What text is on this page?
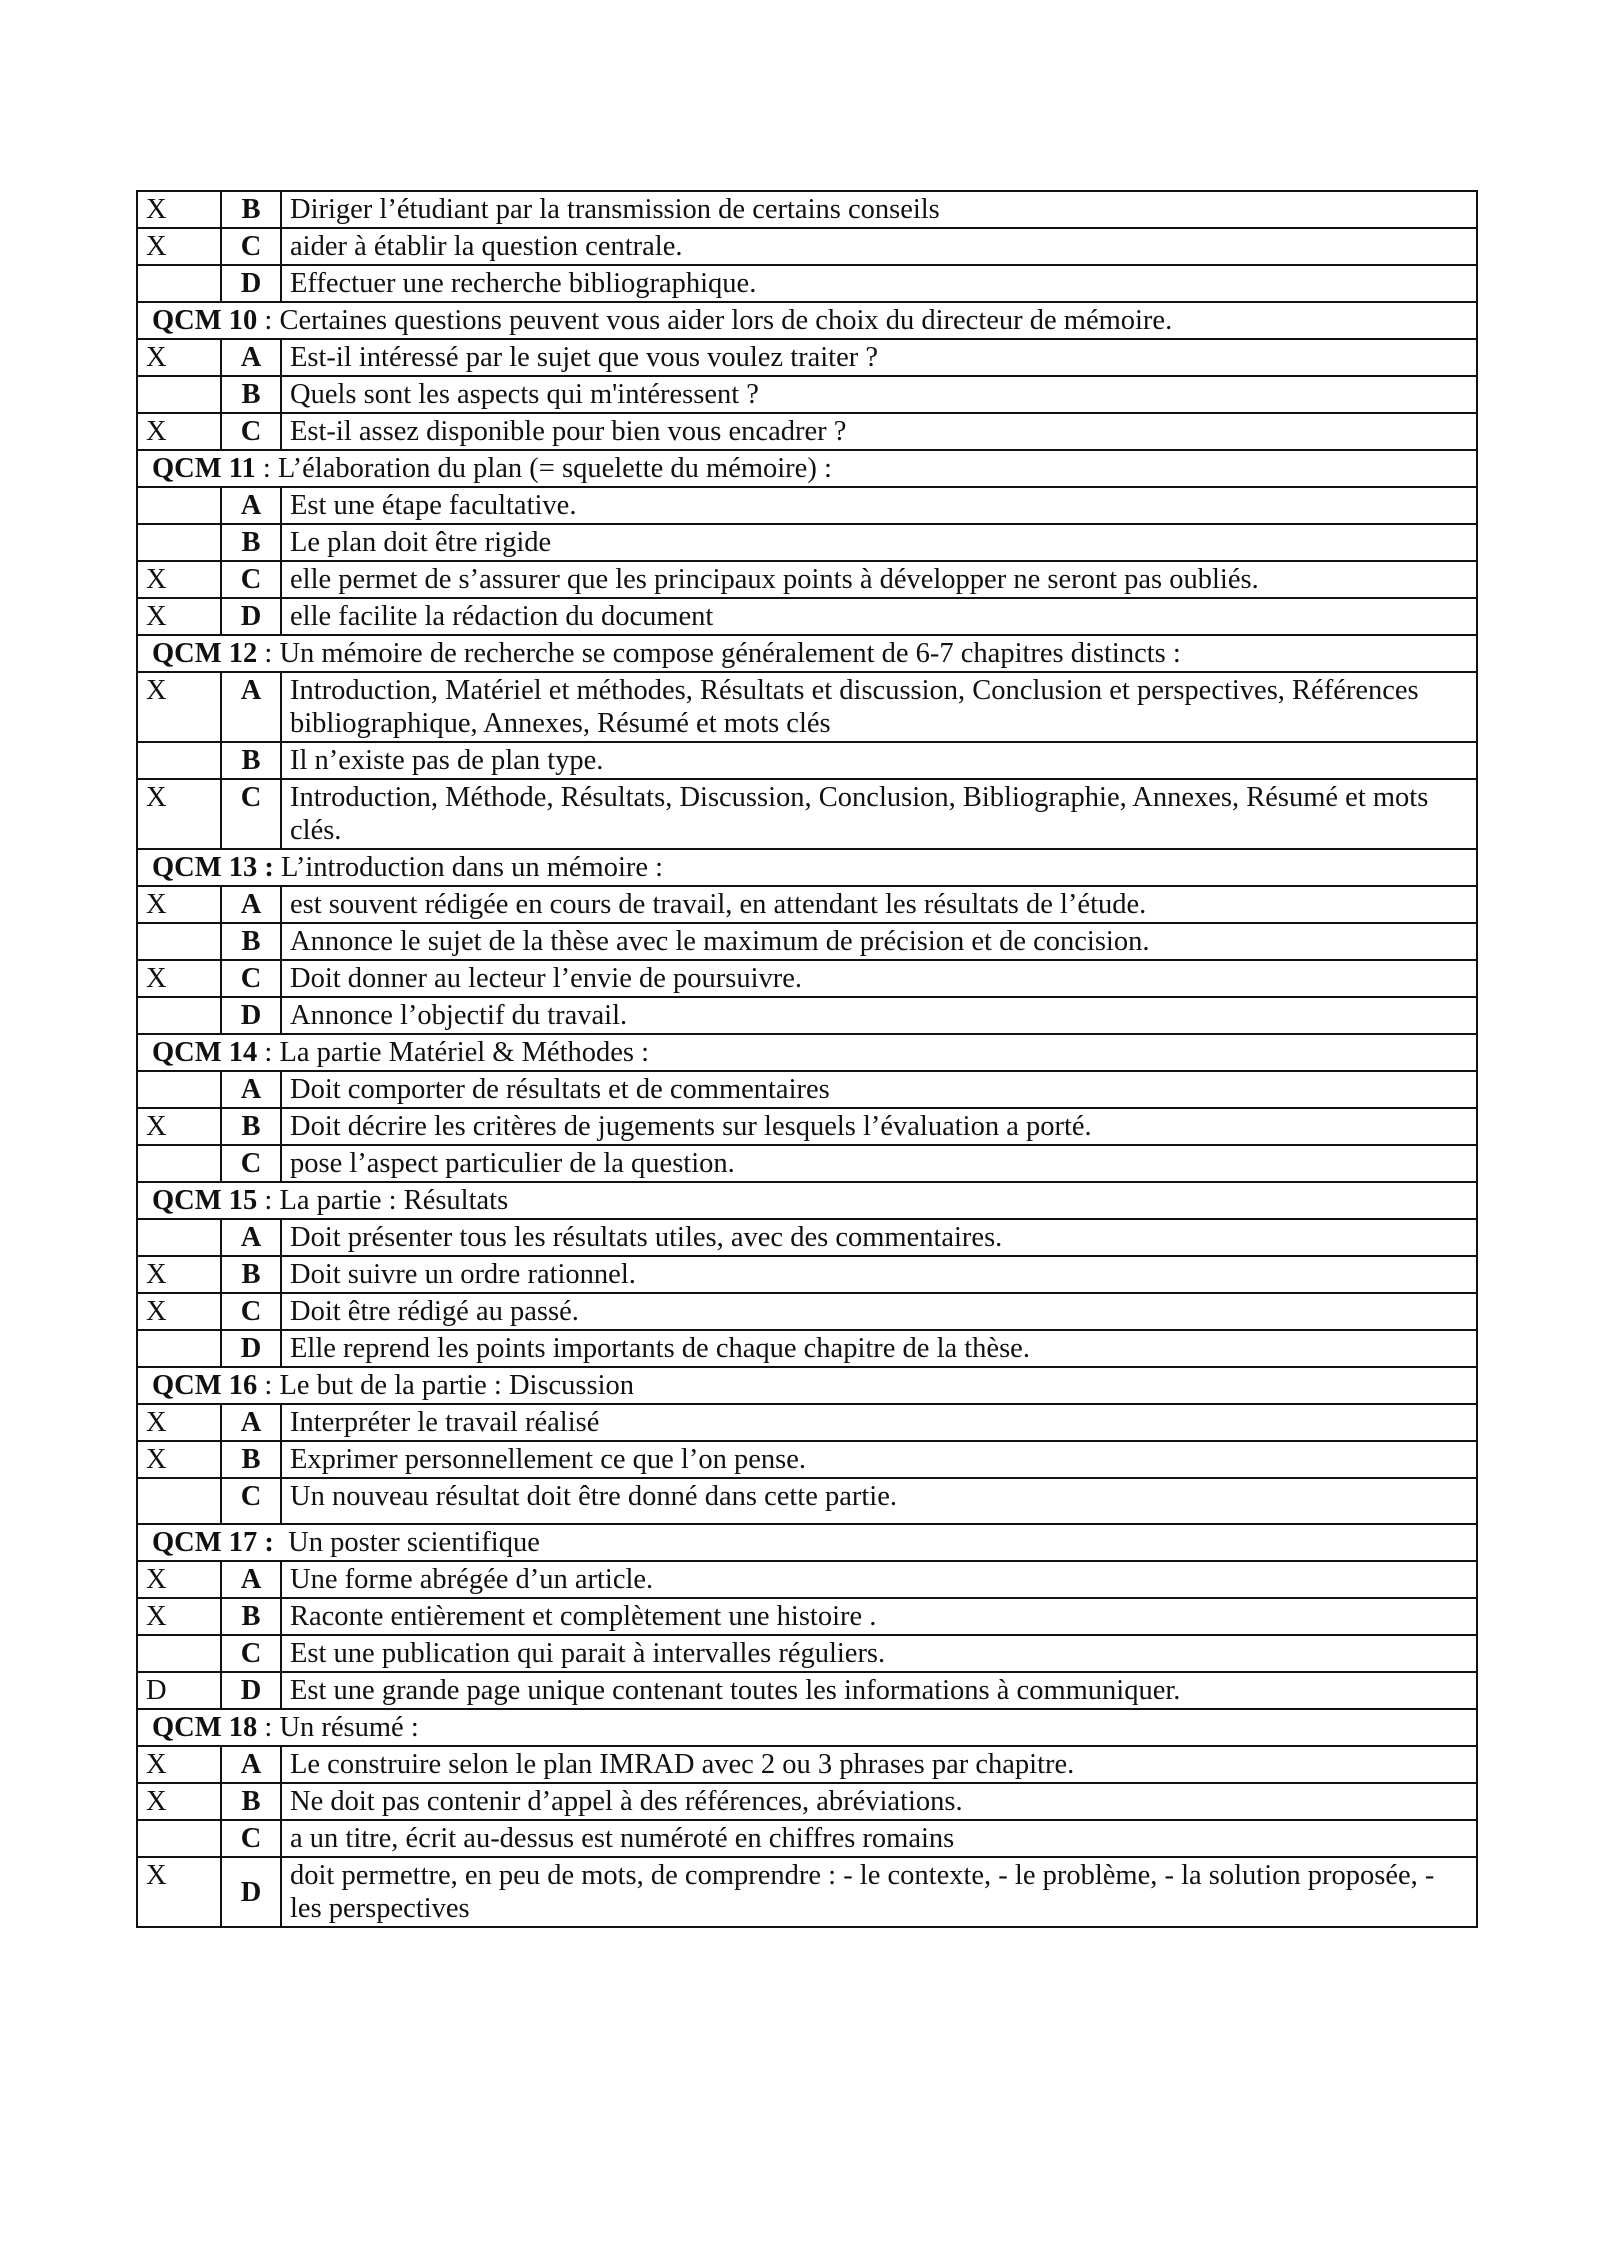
X	B	Diriger l’étudiant par la transmission de certains conseils
X	C	aider à établir la question centrale.
	D	Effectuer une recherche bibliographique.
QCM 10 : Certaines questions peuvent vous aider lors de choix du directeur de mémoire.		
X	A	Est-il intéressé par le sujet que vous voulez traiter ?
	B	Quels sont les aspects qui m'intéressent ?
X	C	Est-il assez disponible pour bien vous encadrer ?
QCM 11 : L’élaboration du plan (= squelette du mémoire) :		
	A	Est une étape facultative.
	B	Le plan doit être rigide
X	C	elle permet de s’assurer que les principaux points à développer ne seront pas oubliés.
X	D	elle facilite la rédaction du document
QCM 12 : Un mémoire de recherche se compose généralement de 6-7 chapitres distincts :		
X	A	Introduction, Matériel et méthodes, Résultats et discussion, Conclusion et perspectives, Références bibliographique, Annexes, Résumé et mots clés
	B	Il n’existe pas de plan type.
X	C	Introduction, Méthode, Résultats, Discussion, Conclusion, Bibliographie, Annexes, Résumé et mots clés.
QCM 13 : L’introduction dans un mémoire :		
X	A	est souvent rédigée en cours de travail, en attendant les résultats de l’étude.
	B	Annonce le sujet de la thèse avec le maximum de précision et de concision.
X	C	Doit donner au lecteur l’envie de poursuivre.
	D	Annonce l’objectif du travail.
QCM 14 : La partie Matériel & Méthodes :		
	A	Doit comporter de résultats et de commentaires
X	B	Doit décrire les critères de jugements sur lesquels l’évaluation a porté.
	C	pose l’aspect particulier de la question.
QCM 15 : La partie : Résultats		
	A	Doit présenter tous les résultats utiles, avec des commentaires.
X	B	Doit suivre un ordre rationnel.
X	C	Doit être rédigé au passé.
	D	Elle reprend les points importants de chaque chapitre de la thèse.
QCM 16 : Le but de la partie : Discussion		
X	A	Interpréter le travail réalisé
X	B	Exprimer personnellement ce que l’on pense.
	C	Un nouveau résultat doit être donné dans cette partie.
QCM 17 :  Un poster scientifique		
X	A	Une forme abrégée d’un article.
X	B	Raconte entièrement et complètement une histoire .
	C	Est une publication qui parait à intervalles réguliers.
D	D	Est une grande page unique contenant toutes les informations à communiquer.
QCM 18 : Un résumé :		
X	A	Le construire selon le plan IMRAD avec 2 ou 3 phrases par chapitre.
X	B	Ne doit pas contenir d’appel à des références, abréviations.
	C	a un titre, écrit au-dessus est numéroté en chiffres romains
X	D	doit permettre, en peu de mots, de comprendre : - le contexte, - le problème, - la solution proposée, - les perspectives
